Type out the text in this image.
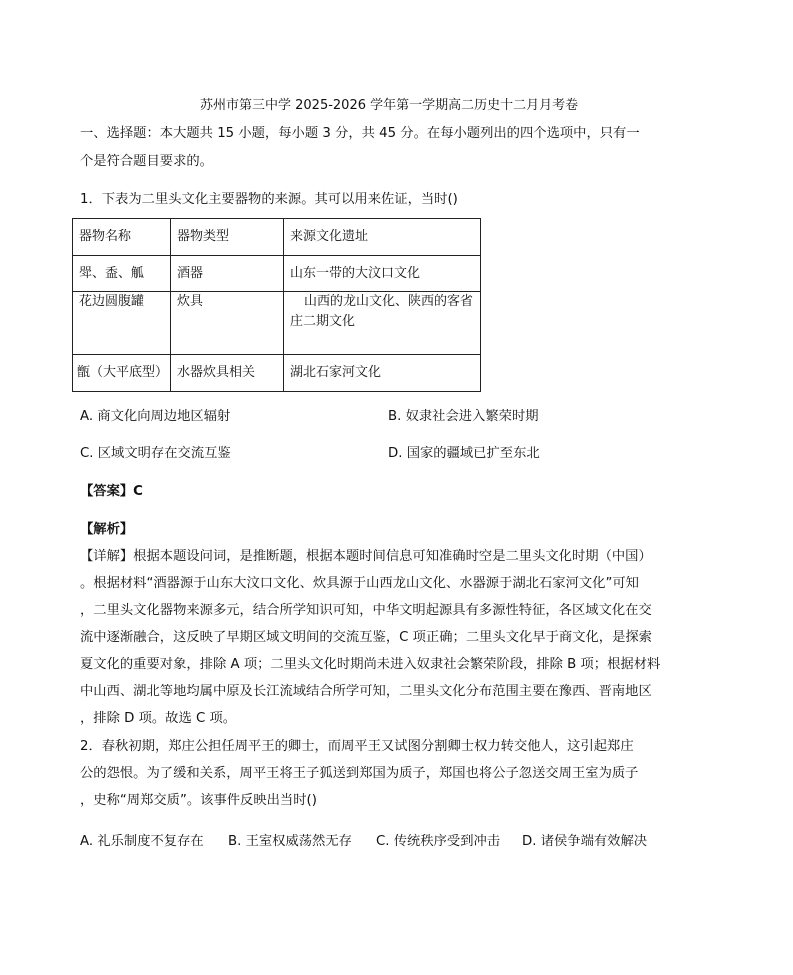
苏州市第三中学 2025-2026 学年第一学期高二历史十二月月考卷
一、选择题：本大题共 15 小题，每小题 3 分，共 45 分。在每小题列出的四个选项中，只有一
个是符合题目要求的。
1．下表为二里头文化主要器物的来源。其可以用来佐证，当时()
器物名称	器物类型	来源文化遗址
斝、盉、觚	酒器	山东一带的大汶口文化
花边圆腹罐	炊具	山西的龙山文化、陕西的客省庄二期文化
甑（大平底型）	水器炊具相关	湖北石家河文化
A. 商文化向周边地区辐射	B. 奴隶社会进入繁荣时期
C. 区域文明存在交流互鉴	D. 国家的疆域已扩至东北
【答案】C
【解析】
【详解】根据本题设问词，是推断题，根据本题时间信息可知准确时空是二里头文化时期（中国）
。根据材料“酒器源于山东大汶口文化、炊具源于山西龙山文化、水器源于湖北石家河文化”可知
，二里头文化器物来源多元，结合所学知识可知，中华文明起源具有多源性特征，各区域文化在交
流中逐渐融合，这反映了早期区域文明间的交流互鉴，C 项正确；二里头文化早于商文化，是探索
夏文化的重要对象，排除 A 项；二里头文化时期尚未进入奴隶社会繁荣阶段，排除 B 项；根据材料
中山西、湖北等地均属中原及长江流域结合所学可知，二里头文化分布范围主要在豫西、晋南地区
，排除 D 项。故选 C 项。
2．春秋初期，郑庄公担任周平王的卿士，而周平王又试图分割卿士权力转交他人，这引起郑庄
公的怨恨。为了缓和关系，周平王将王子狐送到郑国为质子，郑国也将公子忽送交周王室为质子
，史称“周郑交质”。该事件反映出当时()
A. 礼乐制度不复存在 B. 王室权威荡然无存 C. 传统秩序受到冲击 D. 诸侯争端有效解决
